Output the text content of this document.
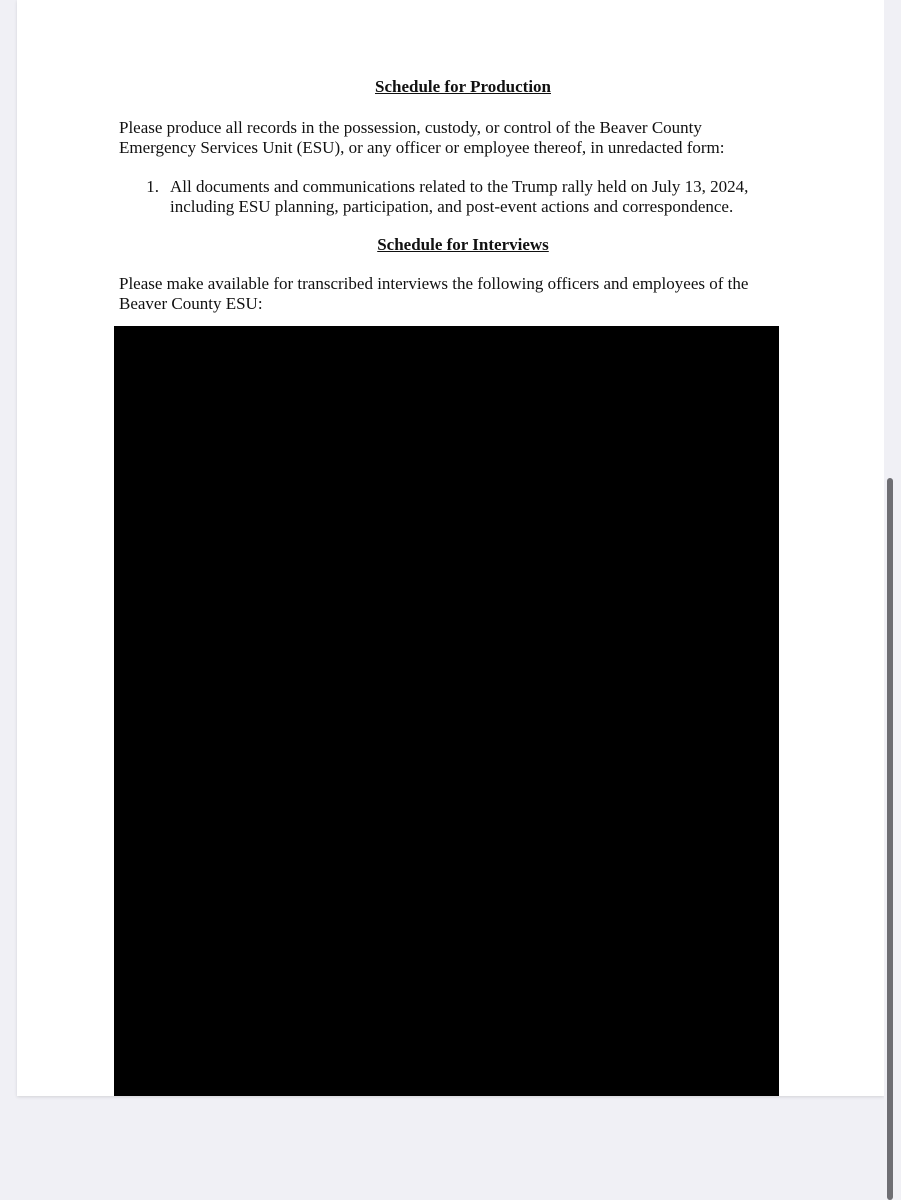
Schedule for Production

Please produce all records in the possession, custody, or control of the Beaver County
Emergency Services Unit (ESU), or any officer or employee thereof, in unredacted form:

1. All documents and communications related to the Trump rally held on July 13, 2024,
including ESU planning, participation, and post-event actions and correspondence.
Schedule for Interviews

Please make available for transcribed interviews the following officers and employees of the
Beaver County ESU:
